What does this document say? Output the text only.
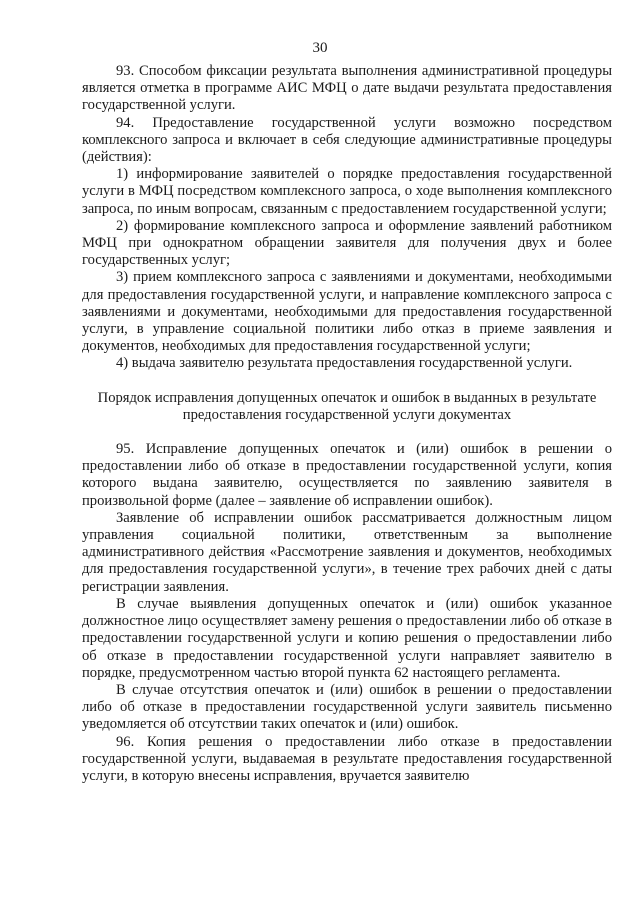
30

93. Способом фиксации результата выполнения административной процедуры является отметка в программе АИС МФЦ о дате выдачи результата предоставления государственной услуги.

94. Предоставление государственной услуги возможно посредством комплексного запроса и включает в себя следующие административные процедуры (действия):

1) информирование заявителей о порядке предоставления государственной услуги в МФЦ посредством комплексного запроса, о ходе выполнения комплексного запроса, по иным вопросам, связанным с предоставлением государственной услуги;

2) формирование комплексного запроса и оформление заявлений работником МФЦ при однократном обращении заявителя для получения двух и более государственных услуг;

3) прием комплексного запроса с заявлениями и документами, необходимыми для предоставления государственной услуги, и направление комплексного запроса с заявлениями и документами, необходимыми для предоставления государственной услуги, в управление социальной политики либо отказ в приеме заявления и документов, необходимых для предоставления государственной услуги;

4) выдача заявителю результата предоставления государственной услуги.

Порядок исправления допущенных опечаток и ошибок в выданных в результате предоставления государственной услуги документах

95. Исправление допущенных опечаток и (или) ошибок в решении о предоставлении либо об отказе в предоставлении государственной услуги, копия которого выдана заявителю, осуществляется по заявлению заявителя в произвольной форме (далее – заявление об исправлении ошибок).

Заявление об исправлении ошибок рассматривается должностным лицом управления социальной политики, ответственным за выполнение административного действия «Рассмотрение заявления и документов, необходимых для предоставления государственной услуги», в течение трех рабочих дней с даты регистрации заявления.

В случае выявления допущенных опечаток и (или) ошибок указанное должностное лицо осуществляет замену решения о предоставлении либо об отказе в предоставлении государственной услуги и копию решения о предоставлении либо об отказе в предоставлении государственной услуги направляет заявителю в порядке, предусмотренном частью второй пункта 62 настоящего регламента.

В случае отсутствия опечаток и (или) ошибок в решении о предоставлении либо об отказе в предоставлении государственной услуги заявитель письменно уведомляется об отсутствии таких опечаток и (или) ошибок.

96. Копия решения о предоставлении либо отказе в предоставлении государственной услуги, выдаваемая в результате предоставления государственной услуги, в которую внесены исправления, вручается заявителю
